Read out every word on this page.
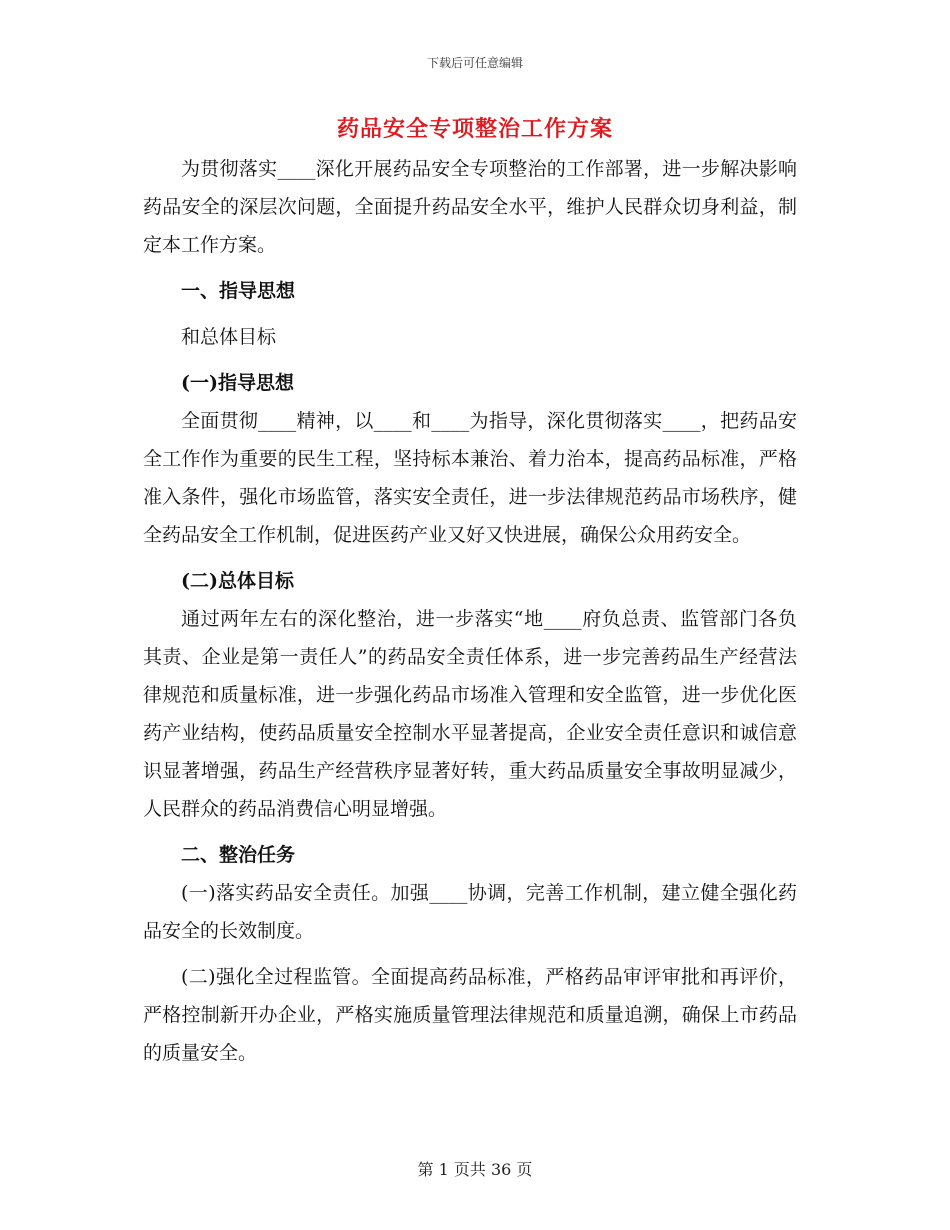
下载后可任意编辑
药品安全专项整治工作方案

为贯彻落实____深化开展药品安全专项整治的工作部署，进一步解决影响药品安全的深层次问题，全面提升药品安全水平，维护人民群众切身利益，制定本工作方案。

一、指导思想

和总体目标

(一)指导思想

全面贯彻____精神，以____和____为指导，深化贯彻落实____，把药品安全工作作为重要的民生工程，坚持标本兼治、着力治本，提高药品标准，严格准入条件，强化市场监管，落实安全责任，进一步法律规范药品市场秩序，健全药品安全工作机制，促进医药产业又好又快进展，确保公众用药安全。

(二)总体目标

通过两年左右的深化整治，进一步落实“地____府负总责、监管部门各负其责、企业是第一责任人”的药品安全责任体系，进一步完善药品生产经营法律规范和质量标准，进一步强化药品市场准入管理和安全监管，进一步优化医药产业结构，使药品质量安全控制水平显著提高，企业安全责任意识和诚信意识显著增强，药品生产经营秩序显著好转，重大药品质量安全事故明显减少，人民群众的药品消费信心明显增强。

二、整治任务

(一)落实药品安全责任。加强____协调，完善工作机制，建立健全强化药品安全的长效制度。

(二)强化全过程监管。全面提高药品标准，严格药品审评审批和再评价，严格控制新开办企业，严格实施质量管理法律规范和质量追溯，确保上市药品的质量安全。

第 1 页共 36 页
